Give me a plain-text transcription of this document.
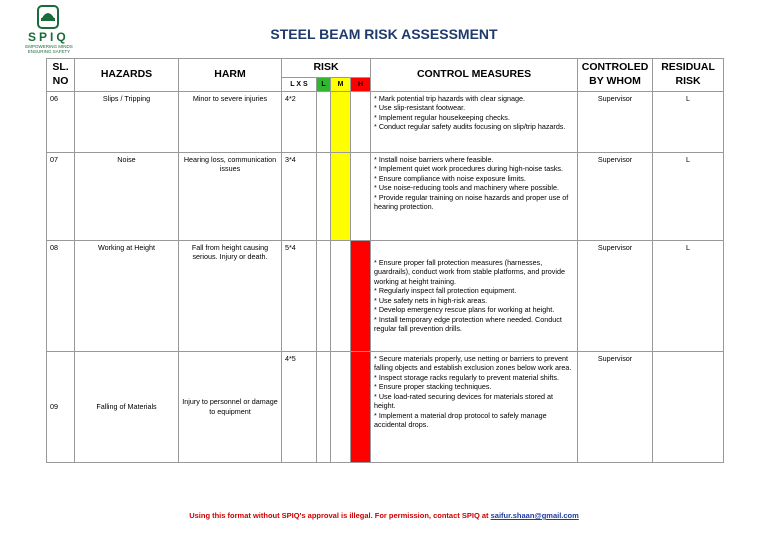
SPIQ
EMPOWERING MINDS ENSURING SAFETY
STEEL BEAM RISK ASSESSMENT
SL. NO	HAZARDS	HARM	RISK				CONTROL MEASURES	CONTROLED BY WHOM	RESIDUAL RISK
			L X S	L	M	H			
06	Slips / Tripping	Minor to severe injuries	4*2				* Mark potential trip hazards with clear signage.
* Use slip-resistant footwear.
* Implement regular housekeeping checks.
* Conduct regular safety audits focusing on slip/trip hazards.	Supervisor	L
07	Noise	Hearing loss, communication issues	3*4				* Install noise barriers where feasible.
* Implement quiet work procedures during high-noise tasks.
* Ensure compliance with noise exposure limits.
* Use noise-reducing tools and machinery where possible.
* Provide regular training on noise hazards and proper use of hearing protection.	Supervisor	L
08	Working at Height	Fall from height causing serious. Injury or death.	5*4				* Ensure proper fall protection measures (harnesses, guardrails), conduct work from stable platforms, and provide working at height training.
* Regularly inspect fall protection equipment.
* Use safety nets in high-risk areas.
* Develop emergency rescue plans for working at height.
* Install temporary edge protection where needed. Conduct regular fall prevention drills.	Supervisor	L
09	Falling of Materials	Injury to personnel or damage to equipment	4*5				* Secure materials properly, use netting or barriers to prevent falling objects and establish exclusion zones below work area.
* Inspect storage racks regularly to prevent material shifts.
* Ensure proper stacking techniques.
* Use load-rated securing devices for materials stored at height.
* Implement a material drop protocol to safely manage accidental drops.	Supervisor	
Using this format without SPIQ's approval is illegal. For permission, contact SPIQ at saifur.shaan@gmail.com
